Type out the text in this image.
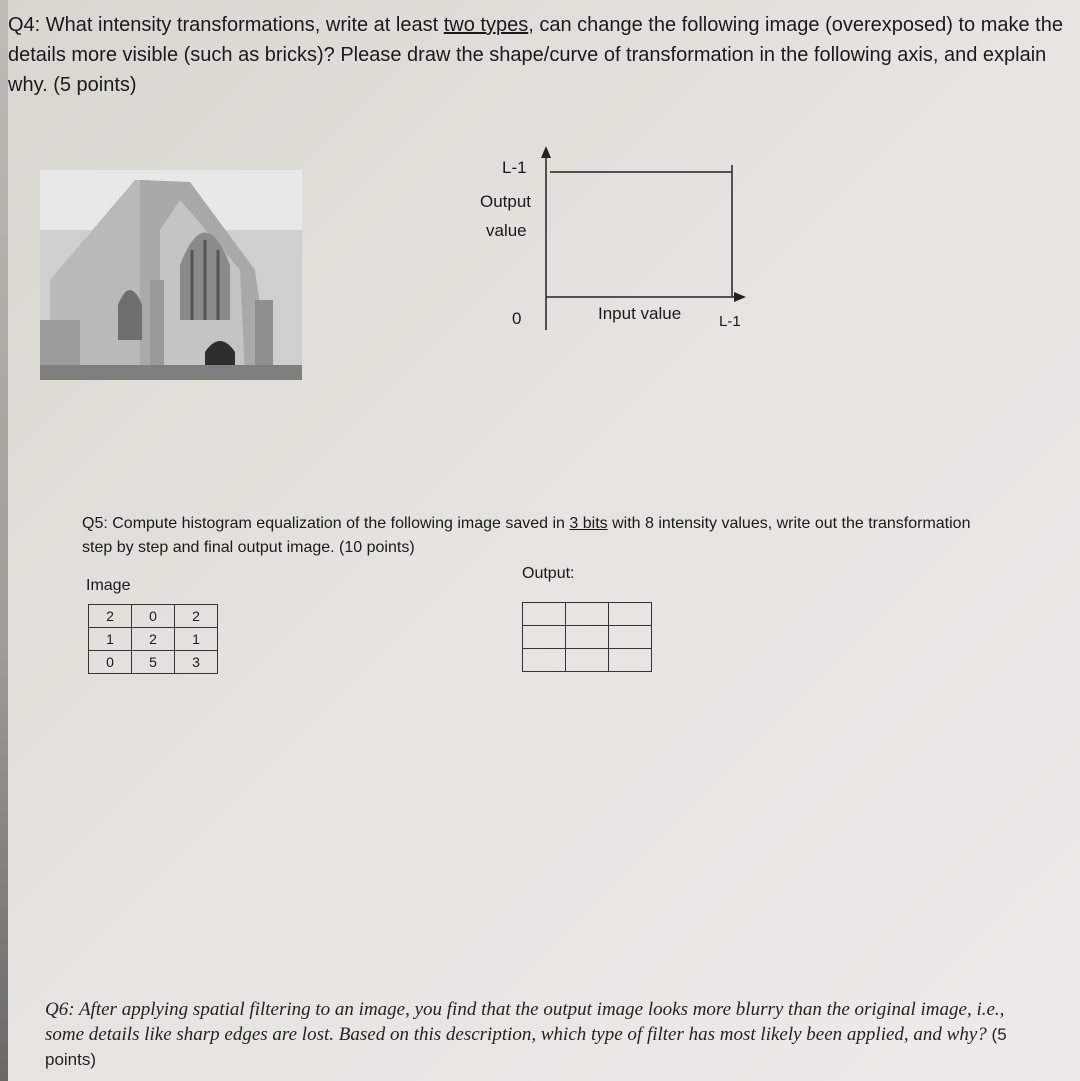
Q4: What intensity transformations, write at least two types, can change the following image (overexposed) to make the details more visible (such as bricks)? Please draw the shape/curve of transformation in the following axis, and explain why. (5 points)
L-1
Output
value
0	Input value	L-1
Q5: Compute histogram equalization of the following image saved in 3 bits with 8 intensity values, write out the transformation step by step and final output image. (10 points)
Image
Output:
2	0	2
1	2	1
0	5	3

Q6: After applying spatial filtering to an image, you find that the output image looks more blurry than the original image, i.e., some details like sharp edges are lost. Based on this description, which type of filter has most likely been applied, and why? (5 points)
